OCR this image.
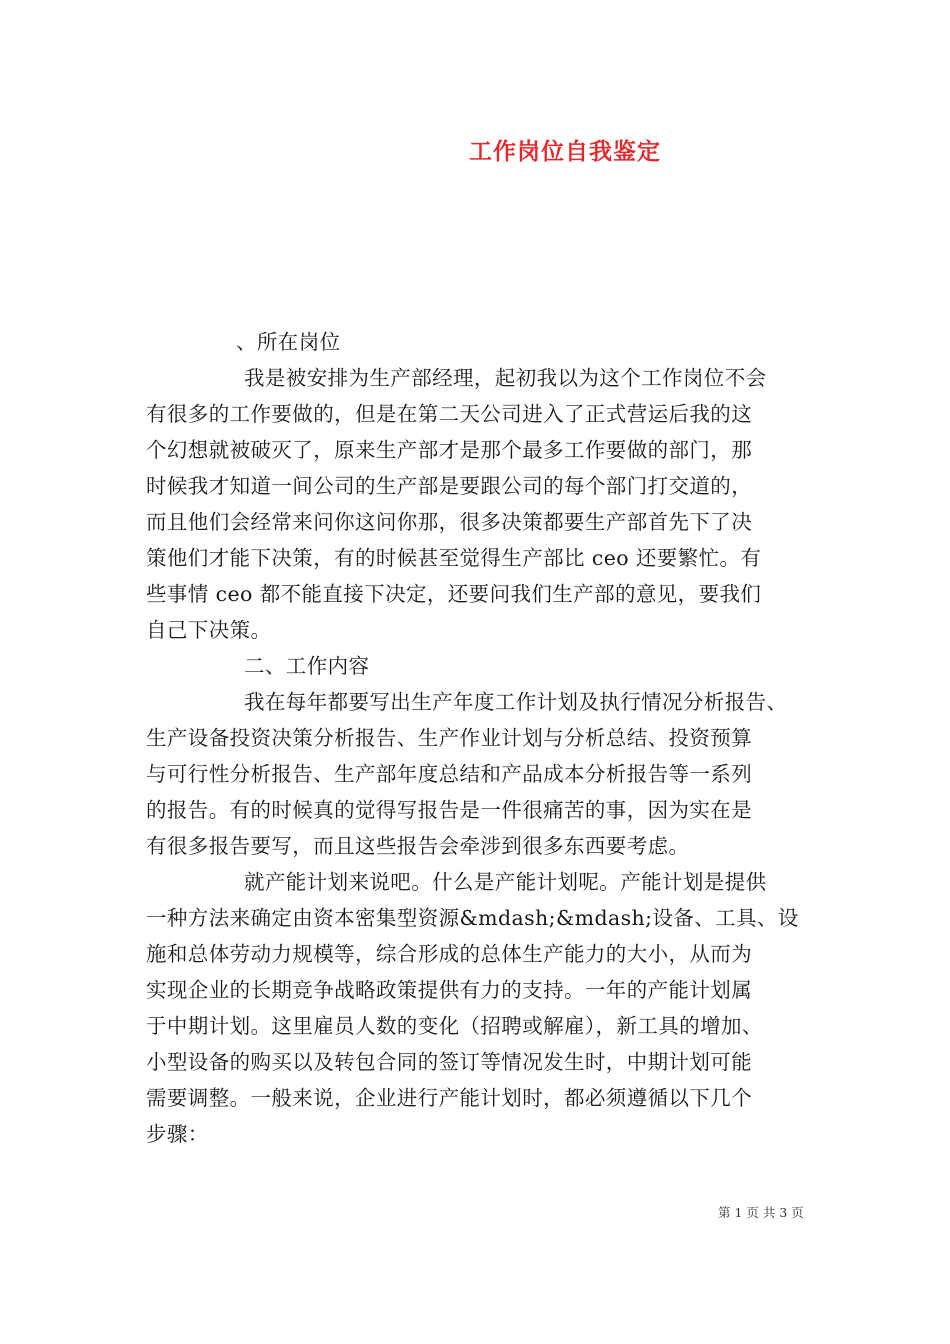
工作岗位自我鉴定
、所在岗位
我是被安排为生产部经理，起初我以为这个工作岗位不会
有很多的工作要做的，但是在第二天公司进入了正式营运后我的这
个幻想就被破灭了，原来生产部才是那个最多工作要做的部门，那
时候我才知道一间公司的生产部是要跟公司的每个部门打交道的，
而且他们会经常来问你这问你那，很多决策都要生产部首先下了决
策他们才能下决策，有的时候甚至觉得生产部比 ceo 还要繁忙。有
些事情 ceo 都不能直接下决定，还要问我们生产部的意见，要我们
自己下决策。
二、工作内容
我在每年都要写出生产年度工作计划及执行情况分析报告、
生产设备投资决策分析报告、生产作业计划与分析总结、投资预算
与可行性分析报告、生产部年度总结和产品成本分析报告等一系列
的报告。有的时候真的觉得写报告是一件很痛苦的事，因为实在是
有很多报告要写，而且这些报告会牵涉到很多东西要考虑。
就产能计划来说吧。什么是产能计划呢。产能计划是提供
一种方法来确定由资本密集型资源&mdash;&mdash;设备、工具、设
施和总体劳动力规模等，综合形成的总体生产能力的大小，从而为
实现企业的长期竞争战略政策提供有力的支持。一年的产能计划属
于中期计划。这里雇员人数的变化（招聘或解雇），新工具的增加、
小型设备的购买以及转包合同的签订等情况发生时，中期计划可能
需要调整。一般来说，企业进行产能计划时，都必须遵循以下几个
步骤：
第 1 页 共 3 页
